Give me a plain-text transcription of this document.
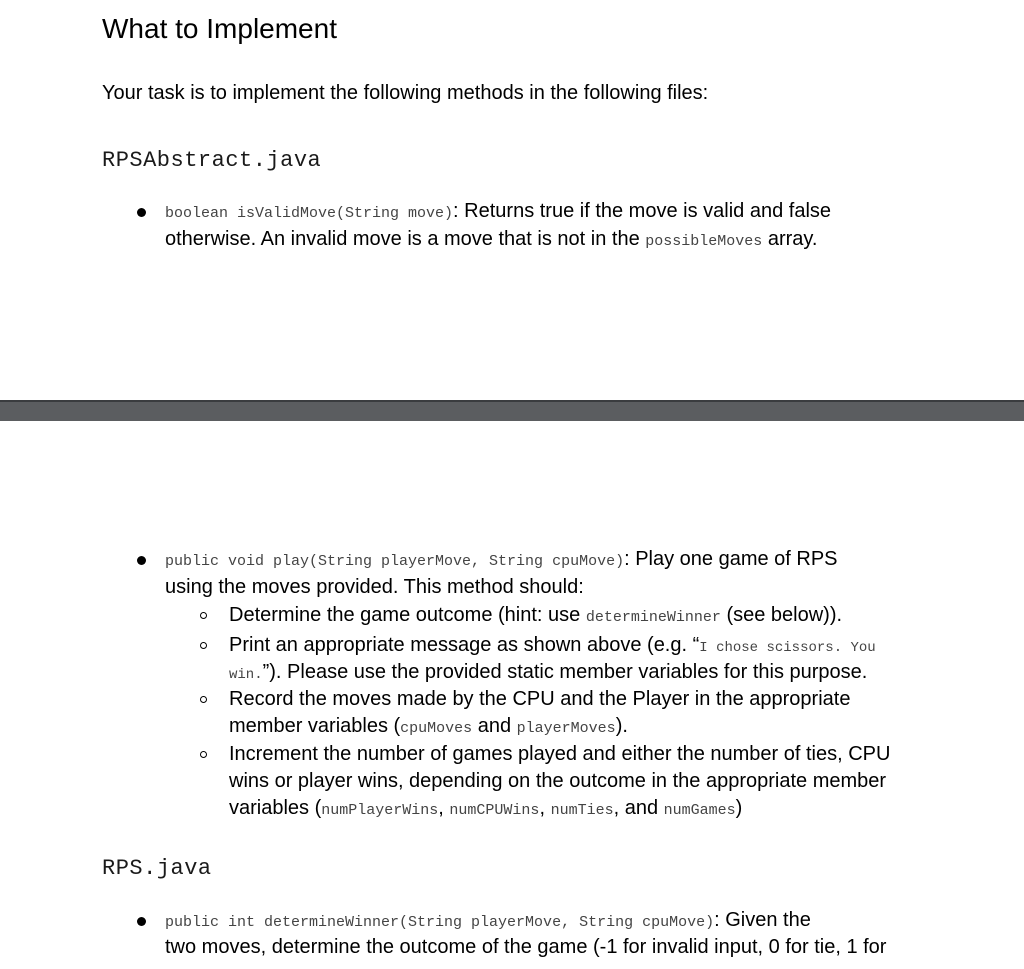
What to Implement
Your task is to implement the following methods in the following files:
RPSAbstract.java
boolean isValidMove(String move): Returns true if the move is valid and false
otherwise. An invalid move is a move that is not in the possibleMoves array.
public void play(String playerMove, String cpuMove): Play one game of RPS
using the moves provided. This method should:
Determine the game outcome (hint: use determineWinner (see below)).
Print an appropriate message as shown above (e.g. “I chose scissors. You
win.”). Please use the provided static member variables for this purpose.
Record the moves made by the CPU and the Player in the appropriate
member variables (cpuMoves and playerMoves).
Increment the number of games played and either the number of ties, CPU
wins or player wins, depending on the outcome in the appropriate member
variables (numPlayerWins, numCPUWins, numTies, and numGames)
RPS.java
public int determineWinner(String playerMove, String cpuMove): Given the
two moves, determine the outcome of the game (-1 for invalid input, 0 for tie, 1 for
